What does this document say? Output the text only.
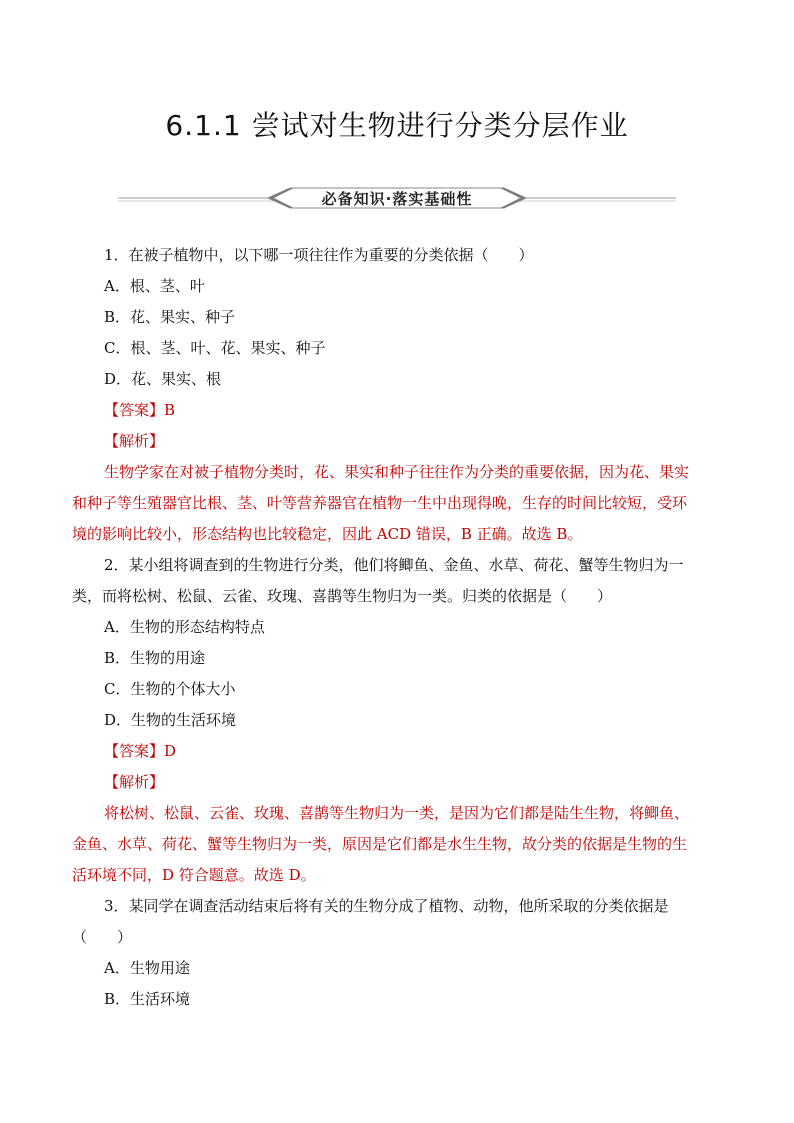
6.1.1 尝试对生物进行分类分层作业
必备知识·落实基础性
1．在被子植物中，以下哪一项往往作为重要的分类依据（　　）
A．根、茎、叶
B．花、果实、种子
C．根、茎、叶、花、果实、种子
D．花、果实、根
【答案】B
【解析】
生物学家在对被子植物分类时，花、果实和种子往往作为分类的重要依据，因为花、果实
和种子等生殖器官比根、茎、叶等营养器官在植物一生中出现得晚，生存的时间比较短，受环
境的影响比较小，形态结构也比较稳定，因此 ACD 错误，B 正确。故选 B。
2．某小组将调查到的生物进行分类，他们将鲫鱼、金鱼、水草、荷花、蟹等生物归为一
类，而将松树、松鼠、云雀、玫瑰、喜鹊等生物归为一类。归类的依据是（　　）
A．生物的形态结构特点
B．生物的用途
C．生物的个体大小
D．生物的生活环境
【答案】D
【解析】
将松树、松鼠、云雀、玫瑰、喜鹊等生物归为一类，是因为它们都是陆生生物，将鲫鱼、
金鱼、水草、荷花、蟹等生物归为一类，原因是它们都是水生生物，故分类的依据是生物的生
活环境不同，D 符合题意。故选 D。
3．某同学在调查活动结束后将有关的生物分成了植物、动物，他所采取的分类依据是
（　　）
A．生物用途
B．生活环境
